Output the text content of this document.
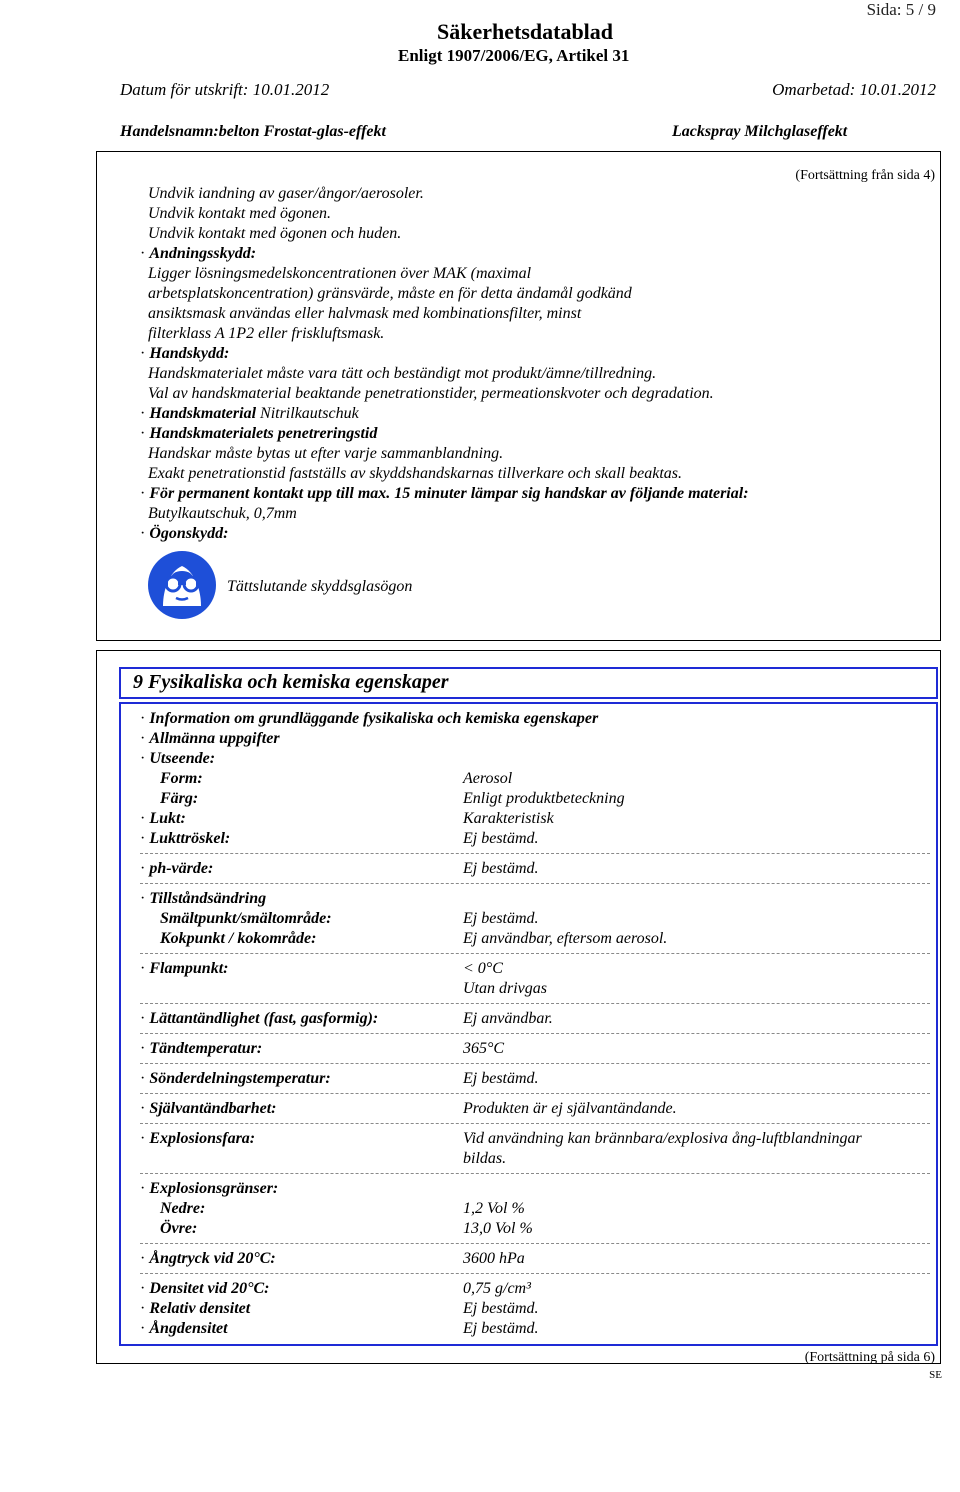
Sida: 5 / 9
Säkerhetsdatablad
Enligt 1907/2006/EG, Artikel 31
Datum för utskrift: 10.01.2012	Omarbetad: 10.01.2012
Handelsnamn:belton Frostat-glas-effekt	Lackspray Milchglaseffekt
(Fortsättning från sida 4)
Undvik iandning av gaser/ångor/aerosoler.
Undvik kontakt med ögonen.
Undvik kontakt med ögonen och huden.
· Andningsskydd:
Ligger lösningsmedelskoncentrationen över MAK (maximal
arbetsplatskoncentration) gränsvärde, måste en för detta ändamål godkänd
ansiktsmask användas eller halvmask med kombinationsfilter, minst
filterklass A 1P2 eller friskluftsmask.
· Handskydd:
Handskmaterialet måste vara tätt och beständigt mot produkt/ämne/tillredning.
Val av handskmaterial beaktande penetrationstider, permeationskvoter och degradation.
· Handskmaterial Nitrilkautschuk
· Handskmaterialets penetreringstid
Handskar måste bytas ut efter varje sammanblandning.
Exakt penetrationstid fastställs av skyddshandskarnas tillverkare och skall beaktas.
· För permanent kontakt upp till max. 15 minuter lämpar sig handskar av följande material:
Butylkautschuk, 0,7mm
· Ögonskydd:
Tättslutande skyddsglasögon
9 Fysikaliska och kemiska egenskaper
· Information om grundläggande fysikaliska och kemiska egenskaper
· Allmänna uppgifter
· Utseende:
Form:	Aerosol
Färg:	Enligt produktbeteckning
· Lukt:	Karakteristisk
· Lukttröskel:	Ej bestämd.
· ph-värde:	Ej bestämd.
· Tillståndsändring
Smältpunkt/smältområde:	Ej bestämd.
Kokpunkt / kokområde:	Ej användbar, eftersom aerosol.
· Flampunkt:	< 0°C
Utan drivgas
· Lättantändlighet (fast, gasformig):	Ej användbar.
· Tändtemperatur:	365°C
· Sönderdelningstemperatur:	Ej bestämd.
· Självantändbarhet:	Produkten är ej självantändande.
· Explosionsfara:	Vid användning kan brännbara/explosiva ång-luftblandningar
bildas.
· Explosionsgränser:
Nedre:	1,2 Vol %
Övre:	13,0 Vol %
· Ångtryck vid 20°C:	3600 hPa
· Densitet vid 20°C:	0,75 g/cm³
· Relativ densitet	Ej bestämd.
· Ångdensitet	Ej bestämd.
(Fortsättning på sida 6)
SE
